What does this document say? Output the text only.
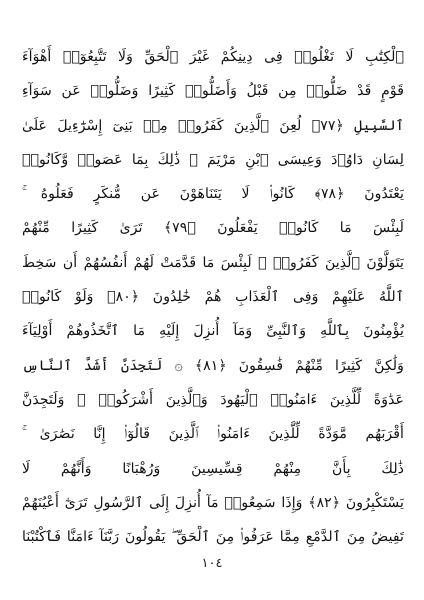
ٱلْكِتَٰبِ لَا تَغْلُوا۟ فِى دِينِكُمْ غَيْرَ ٱلْحَقِّ وَلَا تَتَّبِعُوٓا۟ أَهْوَآءَ
قَوْمٍ قَدْ ضَلُّوا۟ مِن قَبْلُ وَأَضَلُّوا۟ كَثِيرًا وَضَلُّوا۟ عَن سَوَآءِ
ٱلسَّبِيلِ ﴿٧٧﴾ لُعِنَ ٱلَّذِينَ كَفَرُوا۟ مِنۢ بَنِىٓ إِسْرَٰٓءِيلَ عَلَىٰ
لِسَانِ دَاوُۥدَ وَعِيسَى ٱبْنِ مَرْيَمَ ۚ ذَٰلِكَ بِمَا عَصَوا۟ وَّكَانُوا۟
يَعْتَدُونَ ﴿٧٨﴾ كَانُوا۟ لَا يَتَنَاهَوْنَ عَن مُّنكَرٍ فَعَلُوهُ ۚ
لَبِئْسَ مَا كَانُوا۟ يَفْعَلُونَ ﴿٧٩﴾ تَرَىٰ كَثِيرًا مِّنْهُمْ
يَتَوَلَّوْنَ ٱلَّذِينَ كَفَرُوا۟ ۚ لَبِئْسَ مَا قَدَّمَتْ لَهُمْ أَنفُسُهُمْ أَن سَخِطَ
ٱللَّهُ عَلَيْهِمْ وَفِى ٱلْعَذَابِ هُمْ خَٰلِدُونَ ﴿٨٠﴾ وَلَوْ كَانُوا۟
يُؤْمِنُونَ بِٱللَّهِ وَٱلنَّبِىِّ وَمَآ أُنزِلَ إِلَيْهِ مَا ٱتَّخَذُوهُمْ أَوْلِيَآءَ
وَلَٰكِنَّ كَثِيرًا مِّنْهُمْ فَٰسِقُونَ ﴿٨١﴾ ۞ لَتَجِدَنَّ أَشَدَّ ٱلنَّاسِ
عَدَٰوَةً لِّلَّذِينَ ءَامَنُوا۟ ٱلْيَهُودَ وَٱلَّذِينَ أَشْرَكُوا۟ ۖ وَلَتَجِدَنَّ
أَقْرَبَهُم مَّوَدَّةً لِّلَّذِينَ ءَامَنُوا۟ ٱلَّذِينَ قَالُوٓا۟ إِنَّا نَصَٰرَىٰ ۚ
ذَٰلِكَ بِأَنَّ مِنْهُمْ قِسِّيسِينَ وَرُهْبَانًا وَأَنَّهُمْ لَا
يَسْتَكْبِرُونَ ﴿٨٢﴾ وَإِذَا سَمِعُوا۟ مَآ أُنزِلَ إِلَى ٱلرَّسُولِ تَرَىٰٓ أَعْيُنَهُمْ
تَفِيضُ مِنَ ٱلدَّمْعِ مِمَّا عَرَفُوا۟ مِنَ ٱلْحَقِّ ۖ يَقُولُونَ رَبَّنَآ ءَامَنَّا فَٱكْتُبْنَا
١٠٤
